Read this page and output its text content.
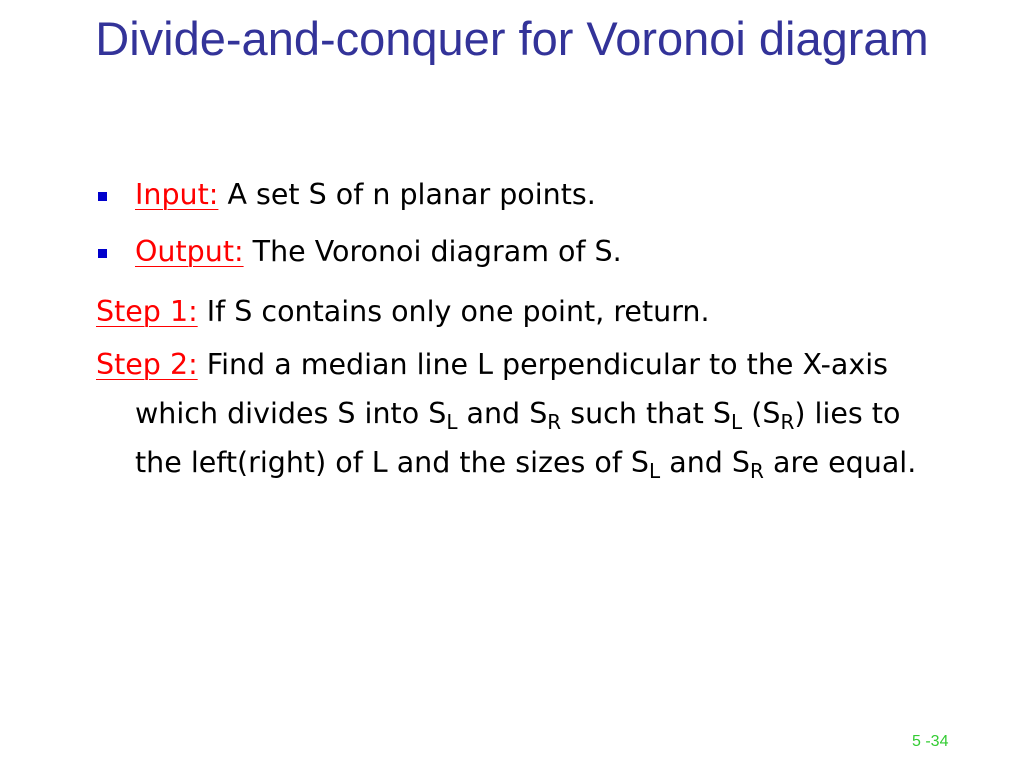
Divide-and-conquer for Voronoi diagram
Input: A set S of n planar points.
Output: The Voronoi diagram of S.
Step 1: If S contains only one point, return.
Step 2: Find a median line L perpendicular to the X-axis which divides S into $S_L$ and $S_R$ such that $S_L$ $(S_R)$ lies to the left(right) of L and the sizes of $S_L$ and $S_R$ are equal.
5 -34
